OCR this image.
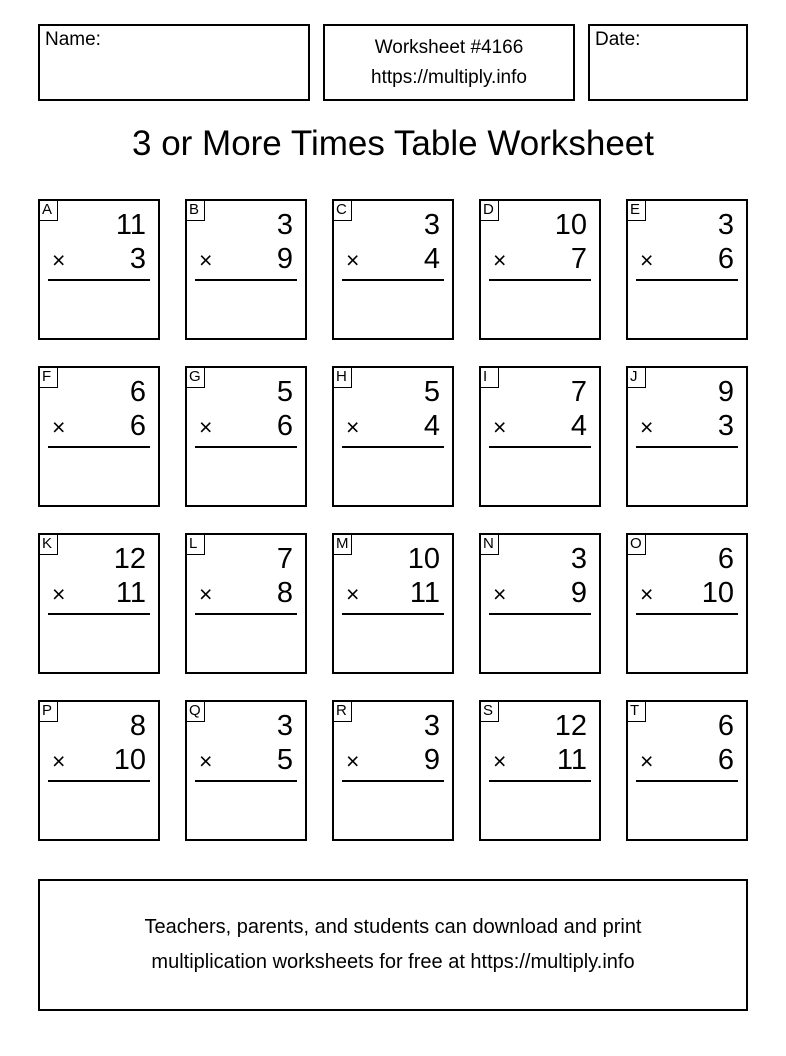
Name:	Worksheet #4166
https://multiply.info
Date:
3 or More Times Table Worksheet
A 11
× 3
B	3
× 9
C	3
× 4
D 10
× 7
E	3
× 6
F	6
× 6
G	5
× 6
H	5
× 4
I	7
× 4
J	9
× 3
K 12
× 11
L	7
× 8
M 10
× 11
N	3
× 9
O	6
× 10
P	8
× 10
Q	3
× 5
R	3
× 9
S 12
× 11
T	6
× 6
Teachers, parents, and students can download and print
multiplication worksheets for free at https://multiply.info
